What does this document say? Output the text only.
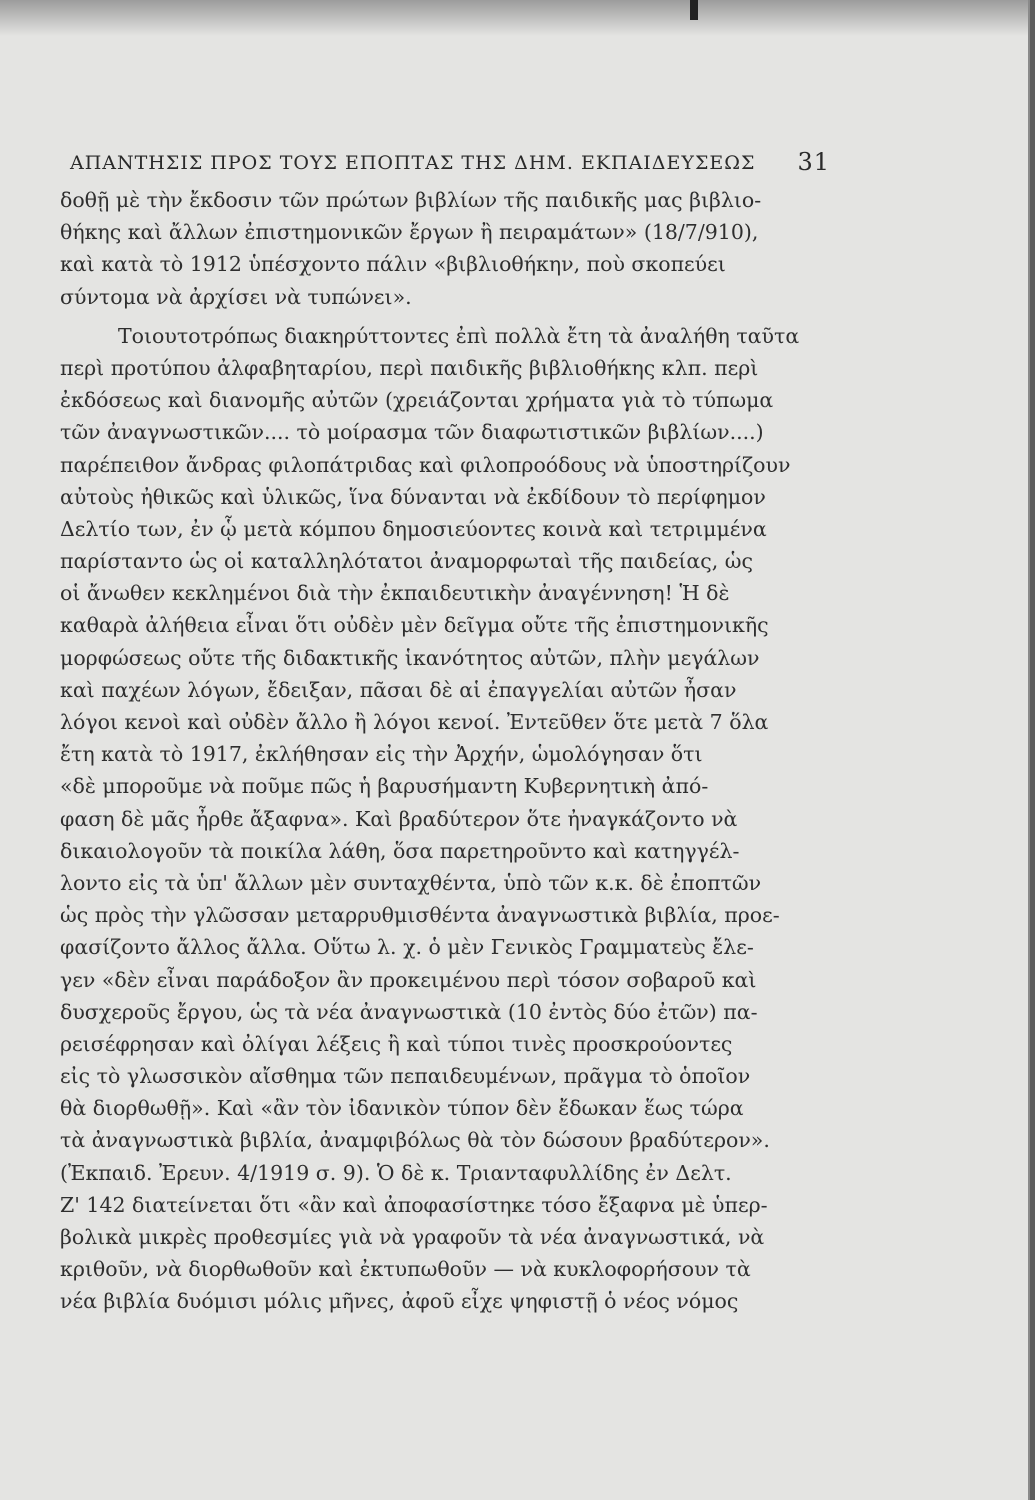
ΑΠΑΝΤΗΣΙΣ ΠΡΟΣ ΤΟΥΣ ΕΠΟΠΤΑΣ ΤΗΣ ΔΗΜ. ΕΚΠΑΙΔΕΥΣΕΩΣ 31
δοθῇ μὲ τὴν ἔκδοσιν τῶν πρώτων βιβλίων τῆς παιδικῆς μας βιβλιο-
θήκης καὶ ἄλλων ἐπιστημονικῶν ἔργων ἢ πειραμάτων» (18/7/910),
καὶ κατὰ τὸ 1912 ὑπέσχοντο πάλιν «βιβλιοθήκην, ποὺ σκοπεύει
σύντομα νὰ ἀρχίσει νὰ τυπώνει».
Τοιουτοτρόπως διακηρύττοντες ἐπὶ πολλὰ ἔτη τὰ ἀναλήθη ταῦτα
περὶ προτύπου ἀλφαβηταρίου, περὶ παιδικῆς βιβλιοθήκης κλπ. περὶ
ἐκδόσεως καὶ διανομῆς αὐτῶν (χρειάζονται χρήματα γιὰ τὸ τύπωμα
τῶν ἀναγνωστικῶν.... τὸ μοίρασμα τῶν διαφωτιστικῶν βιβλίων....)
παρέπειθον ἄνδρας φιλοπάτριδας καὶ φιλοπροόδους νὰ ὑποστηρίζουν
αὐτοὺς ἠθικῶς καὶ ὑλικῶς, ἵνα δύνανται νὰ ἐκδίδουν τὸ περίφημον
Δελτίο των, ἐν ᾧ μετὰ κόμπου δημοσιεύοντες κοινὰ καὶ τετριμμένα
παρίσταντο ὡς οἱ καταλληλότατοι ἀναμορφωταὶ τῆς παιδείας, ὡς
οἱ ἄνωθεν κεκλημένοι διὰ τὴν ἐκπαιδευτικὴν ἀναγέννηση! Ἡ δὲ
καθαρὰ ἀλήθεια εἶναι ὅτι οὐδὲν μὲν δεῖγμα οὔτε τῆς ἐπιστημονικῆς
μορφώσεως οὔτε τῆς διδακτικῆς ἱκανότητος αὐτῶν, πλὴν μεγάλων
καὶ παχέων λόγων, ἔδειξαν, πᾶσαι δὲ αἱ ἐπαγγελίαι αὐτῶν ἦσαν
λόγοι κενοὶ καὶ οὐδὲν ἄλλο ἢ λόγοι κενοί. Ἐντεῦθεν ὅτε μετὰ 7 ὅλα
ἔτη κατὰ τὸ 1917, ἐκλήθησαν εἰς τὴν Ἀρχήν, ὡμολόγησαν ὅτι
«δὲ μποροῦμε νὰ ποῦμε πῶς ἡ βαρυσήμαντη Κυβερνητικὴ ἀπό-
φαση δὲ μᾶς ἦρθε ἄξαφνα». Καὶ βραδύτερον ὅτε ἠναγκάζοντο νὰ
δικαιολογοῦν τὰ ποικίλα λάθη, ὅσα παρετηροῦντο καὶ κατηγγέλ-
λοντο εἰς τὰ ὑπ' ἄλλων μὲν συνταχθέντα, ὑπὸ τῶν κ.κ. δὲ ἐποπτῶν
ὡς πρὸς τὴν γλῶσσαν μεταρρυθμισθέντα ἀναγνωστικὰ βιβλία, προε-
φασίζοντο ἄλλος ἄλλα. Οὕτω λ. χ. ὁ μὲν Γενικὸς Γραμματεὺς ἔλε-
γεν «δὲν εἶναι παράδοξον ἂν προκειμένου περὶ τόσον σοβαροῦ καὶ
δυσχεροῦς ἔργου, ὡς τὰ νέα ἀναγνωστικὰ (10 ἐντὸς δύο ἐτῶν) πα-
ρεισέφρησαν καὶ ὀλίγαι λέξεις ἢ καὶ τύποι τινὲς προσκρούοντες
εἰς τὸ γλωσσικὸν αἴσθημα τῶν πεπαιδευμένων, πρᾶγμα τὸ ὁποῖον
θὰ διορθωθῇ». Καὶ «ἂν τὸν ἰδανικὸν τύπον δὲν ἔδωκαν ἕως τώρα
τὰ ἀναγνωστικὰ βιβλία, ἀναμφιβόλως θὰ τὸν δώσουν βραδύτερον».
(Ἐκπαιδ. Ἐρευν. 4/1919 σ. 9). Ὁ δὲ κ. Τριανταφυλλίδης ἐν Δελτ.
Ζ' 142 διατείνεται ὅτι «ἂν καὶ ἀποφασίστηκε τόσο ἔξαφνα μὲ ὑπερ-
βολικὰ μικρὲς προθεσμίες γιὰ νὰ γραφοῦν τὰ νέα ἀναγνωστικά, νὰ
κριθοῦν, νὰ διορθωθοῦν καὶ ἐκτυπωθοῦν — νὰ κυκλοφορήσουν τὰ
νέα βιβλία δυόμισι μόλις μῆνες, ἀφοῦ εἶχε ψηφιστῇ ὁ νέος νόμος
